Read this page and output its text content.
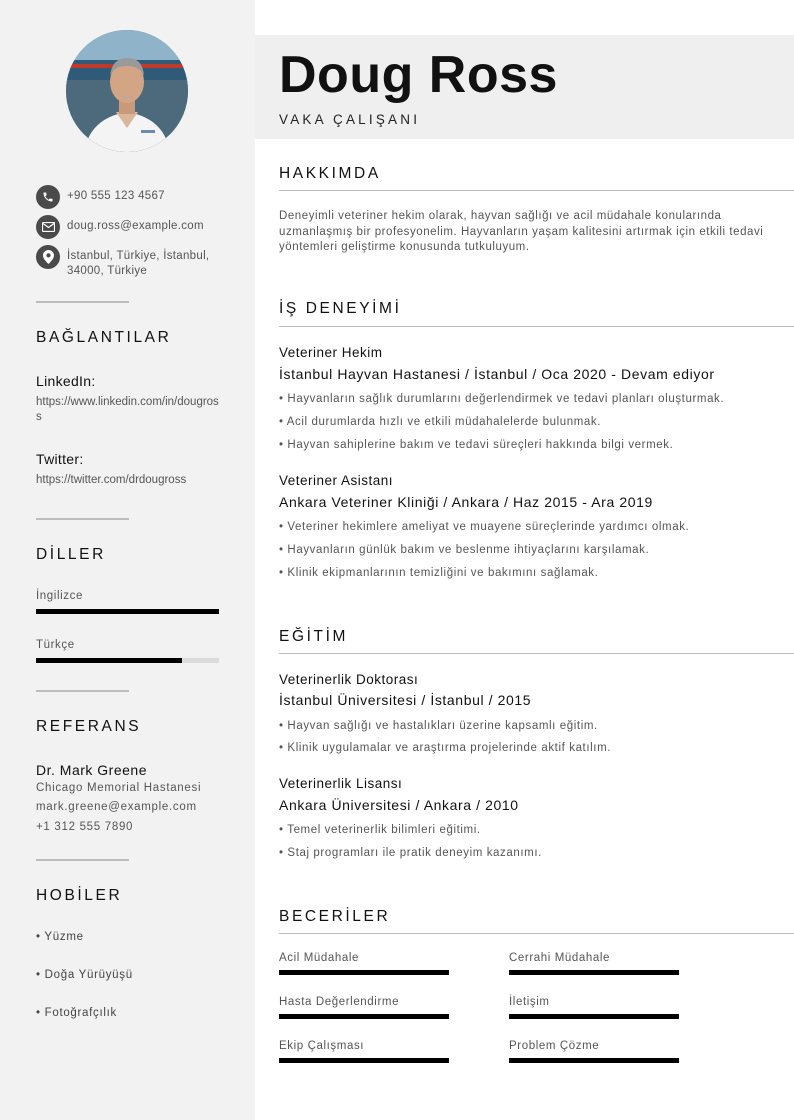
+90 555 123 4567
doug.ross@example.com
İstanbul, Türkiye, İstanbul, 34000, Türkiye
BAĞLANTILAR
LinkedIn:
https://www.linkedin.com/in/dougross
Twitter:
https://twitter.com/drdougross
DİLLER
İngilizce
Türkçe
REFERANS
Dr. Mark Greene
Chicago Memorial Hastanesi
mark.greene@example.com
+1 312 555 7890
HOBİLER
• Yüzme
• Doğa Yürüyüşü
• Fotoğrafçılık
Doug Ross
VAKA ÇALIŞANI
HAKKIMDA
Deneyimli veteriner hekim olarak, hayvan sağlığı ve acil müdahale konularında uzmanlaşmış bir profesyonelim. Hayvanların yaşam kalitesini artırmak için etkili tedavi yöntemleri geliştirme konusunda tutkuluyum.
İŞ DENEYİMİ
Veteriner Hekim
İstanbul Hayvan Hastanesi / İstanbul / Oca 2020 - Devam ediyor
• Hayvanların sağlık durumlarını değerlendirmek ve tedavi planları oluşturmak.
• Acil durumlarda hızlı ve etkili müdahalelerde bulunmak.
• Hayvan sahiplerine bakım ve tedavi süreçleri hakkında bilgi vermek.
Veteriner Asistanı
Ankara Veteriner Kliniği / Ankara / Haz 2015 - Ara 2019
• Veteriner hekimlere ameliyat ve muayene süreçlerinde yardımcı olmak.
• Hayvanların günlük bakım ve beslenme ihtiyaçlarını karşılamak.
• Klinik ekipmanlarının temizliğini ve bakımını sağlamak.
EĞİTİM
Veterinerlik Doktorası
İstanbul Üniversitesi / İstanbul / 2015
• Hayvan sağlığı ve hastalıkları üzerine kapsamlı eğitim.
• Klinik uygulamalar ve araştırma projelerinde aktif katılım.
Veterinerlik Lisansı
Ankara Üniversitesi / Ankara / 2010
• Temel veterinerlik bilimleri eğitimi.
• Staj programları ile pratik deneyim kazanımı.
BECERİLER
Acil Müdahale	Cerrahi Müdahale
Hasta Değerlendirme	İletişim
Ekip Çalışması	Problem Çözme
